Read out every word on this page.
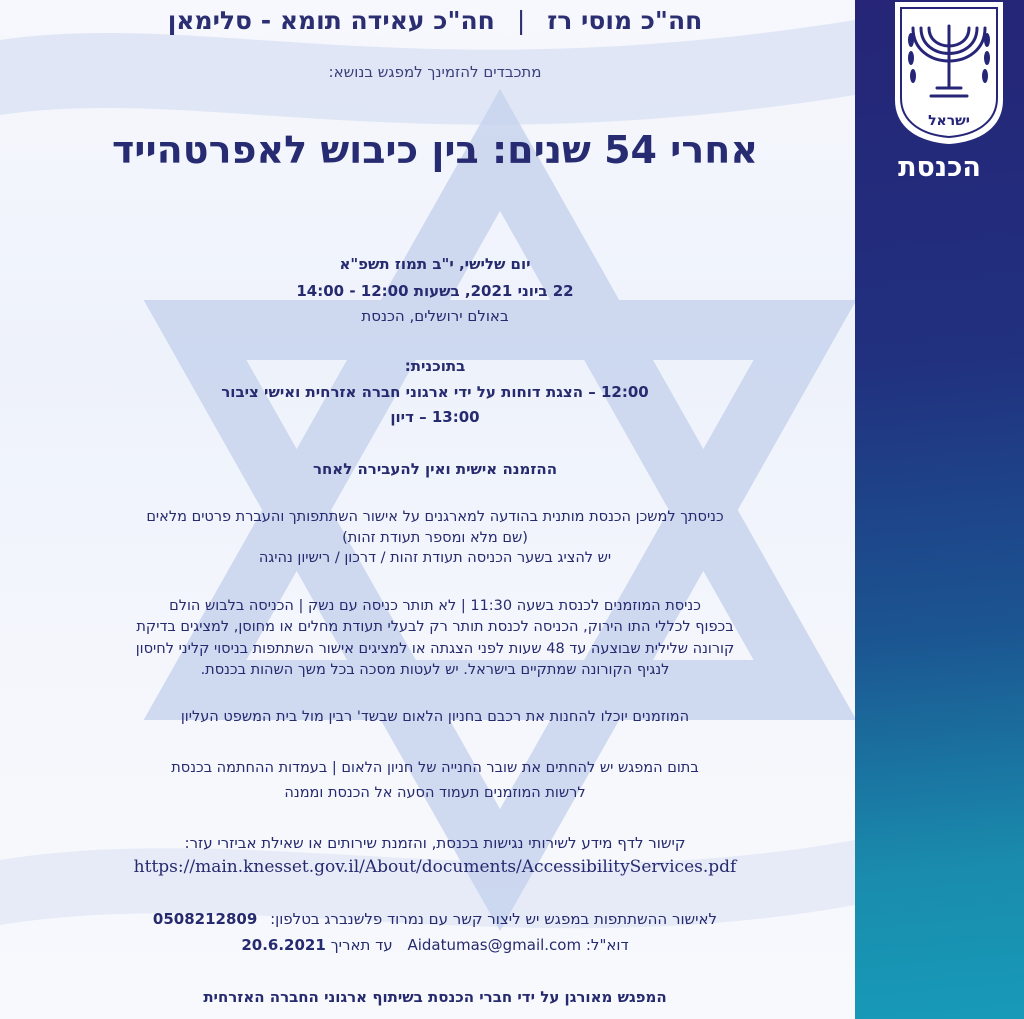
ישראל
הכנסת
חה"כ מוסי רז|חה"כ עאידה תומא - סלימאן
מתכבדים להזמינך למפגש בנושא:
אחרי 54 שנים: בין כיבוש לאפרטהייד
יום שלישי, י"ב תמוז תשפ"א
22 ביוני 2021, בשעות 12:00 - 14:00
באולם ירושלים, הכנסת
בתוכנית:
12:00 – הצגת דוחות על ידי ארגוני חברה אזרחית ואישי ציבור
13:00 – דיון
ההזמנה אישית ואין להעבירה לאחר
כניסתך למשכן הכנסת מותנית בהודעה למארגנים על אישור השתתפותך והעברת פרטים מלאים
(שם מלא ומספר תעודת זהות)
יש להציג בשער הכניסה תעודת זהות / דרכון / רישיון נהיגה
כניסת המוזמנים לכנסת בשעה 11:30 | לא תותר כניסה עם נשק | הכניסה בלבוש הולם
בכפוף לכללי התו הירוק, הכניסה לכנסת תותר רק לבעלי תעודת מחלים או מחוסן, למציגים בדיקת
קורונה שלילית שבוצעה עד 48 שעות לפני הצגתה או למציגים אישור השתתפות בניסוי קליני לחיסון
לנגיף הקורונה שמתקיים בישראל. יש לעטות מסכה בכל משך השהות בכנסת.
המוזמנים יוכלו להחנות את רכבם בחניון הלאום שבשד' רבין מול בית המשפט העליון
בתום המפגש יש להחתים את שובר החנייה של חניון הלאום | בעמדות ההחתמה בכנסת
לרשות המוזמנים תעמוד הסעה אל הכנסת וממנה
קישור לדף מידע לשירותי נגישות בכנסת, והזמנת שירותים או שאילת אביזרי עזר:
https://main.knesset.gov.il/About/documents/AccessibilityServices.pdf
לאישור ההשתתפות במפגש יש ליצור קשר עם נמרוד פלשנברג בטלפון: 0508212809
דוא"ל: Aidatumas@gmail.com עד תאריך 20.6.2021
המפגש מאורגן על ידי חברי הכנסת בשיתוף ארגוני החברה האזרחית
